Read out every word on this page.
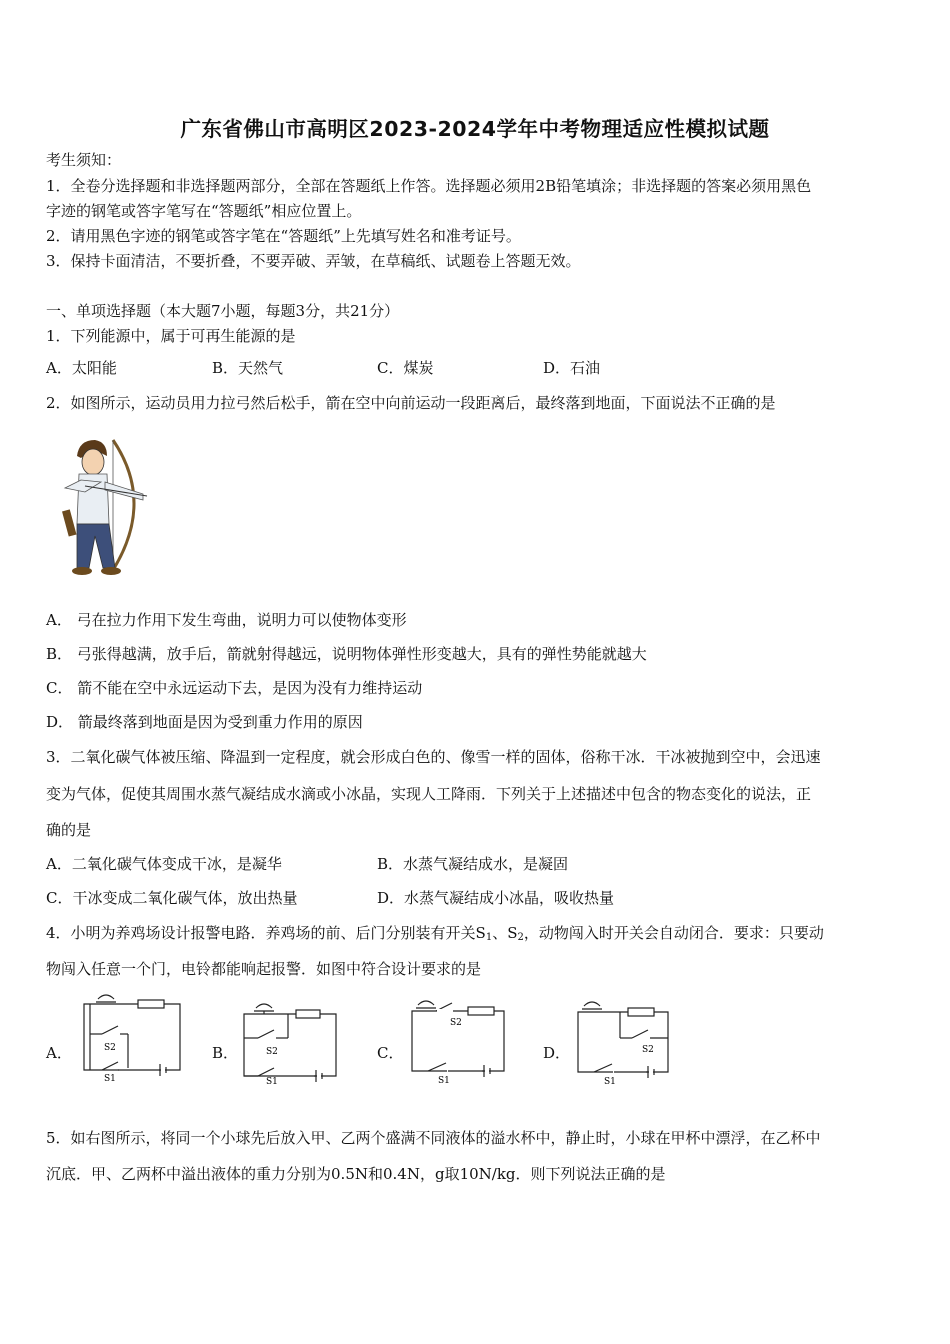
广东省佛山市高明区2023-2024学年中考物理适应性模拟试题
考生须知：
1．全卷分选择题和非选择题两部分，全部在答题纸上作答。选择题必须用2B铅笔填涂；非选择题的答案必须用黑色
字迹的钢笔或答字笔写在“答题纸”相应位置上。
2．请用黑色字迹的钢笔或答字笔在“答题纸”上先填写姓名和准考证号。
3．保持卡面清洁，不要折叠，不要弄破、弄皱，在草稿纸、试题卷上答题无效。
一、单项选择题（本大题7小题，每题3分，共21分）
1．下列能源中，属于可再生能源的是
A．太阳能	B．天然气	C．煤炭	D．石油
2．如图所示，运动员用力拉弓然后松手，箭在空中向前运动一段距离后，最终落到地面，下面说法不正确的是
A． 弓在拉力作用下发生弯曲，说明力可以使物体变形
B． 弓张得越满，放手后，箭就射得越远，说明物体弹性形变越大，具有的弹性势能就越大
C． 箭不能在空中永远运动下去，是因为没有力维持运动
D． 箭最终落到地面是因为受到重力作用的原因
3．二氧化碳气体被压缩、降温到一定程度，就会形成白色的、像雪一样的固体，俗称干冰．干冰被抛到空中，会迅速
变为气体，促使其周围水蒸气凝结成水滴或小冰晶，实现人工降雨．下列关于上述描述中包含的物态变化的说法，正
确的是
A．二氧化碳气体变成干冰，是凝华	B．水蒸气凝结成水，是凝固
C．干冰变成二氧化碳气体，放出热量	D．水蒸气凝结成小冰晶，吸收热量
4．小明为养鸡场设计报警电路．养鸡场的前、后门分别装有开关$S_1$、$S_2$，动物闯入时开关会自动闭合．要求：只要动
物闯入任意一个门，电铃都能响起报警．如图中符合设计要求的是
A．	S2
S1
B．	S2
S1
C．
S2
S1
D．	S2
S1
5．如右图所示，将同一个小球先后放入甲、乙两个盛满不同液体的溢水杯中，静止时，小球在甲杯中漂浮，在乙杯中
沉底．甲、乙两杯中溢出液体的重力分别为0.5N和0.4N，g取10N/kg．则下列说法正确的是
